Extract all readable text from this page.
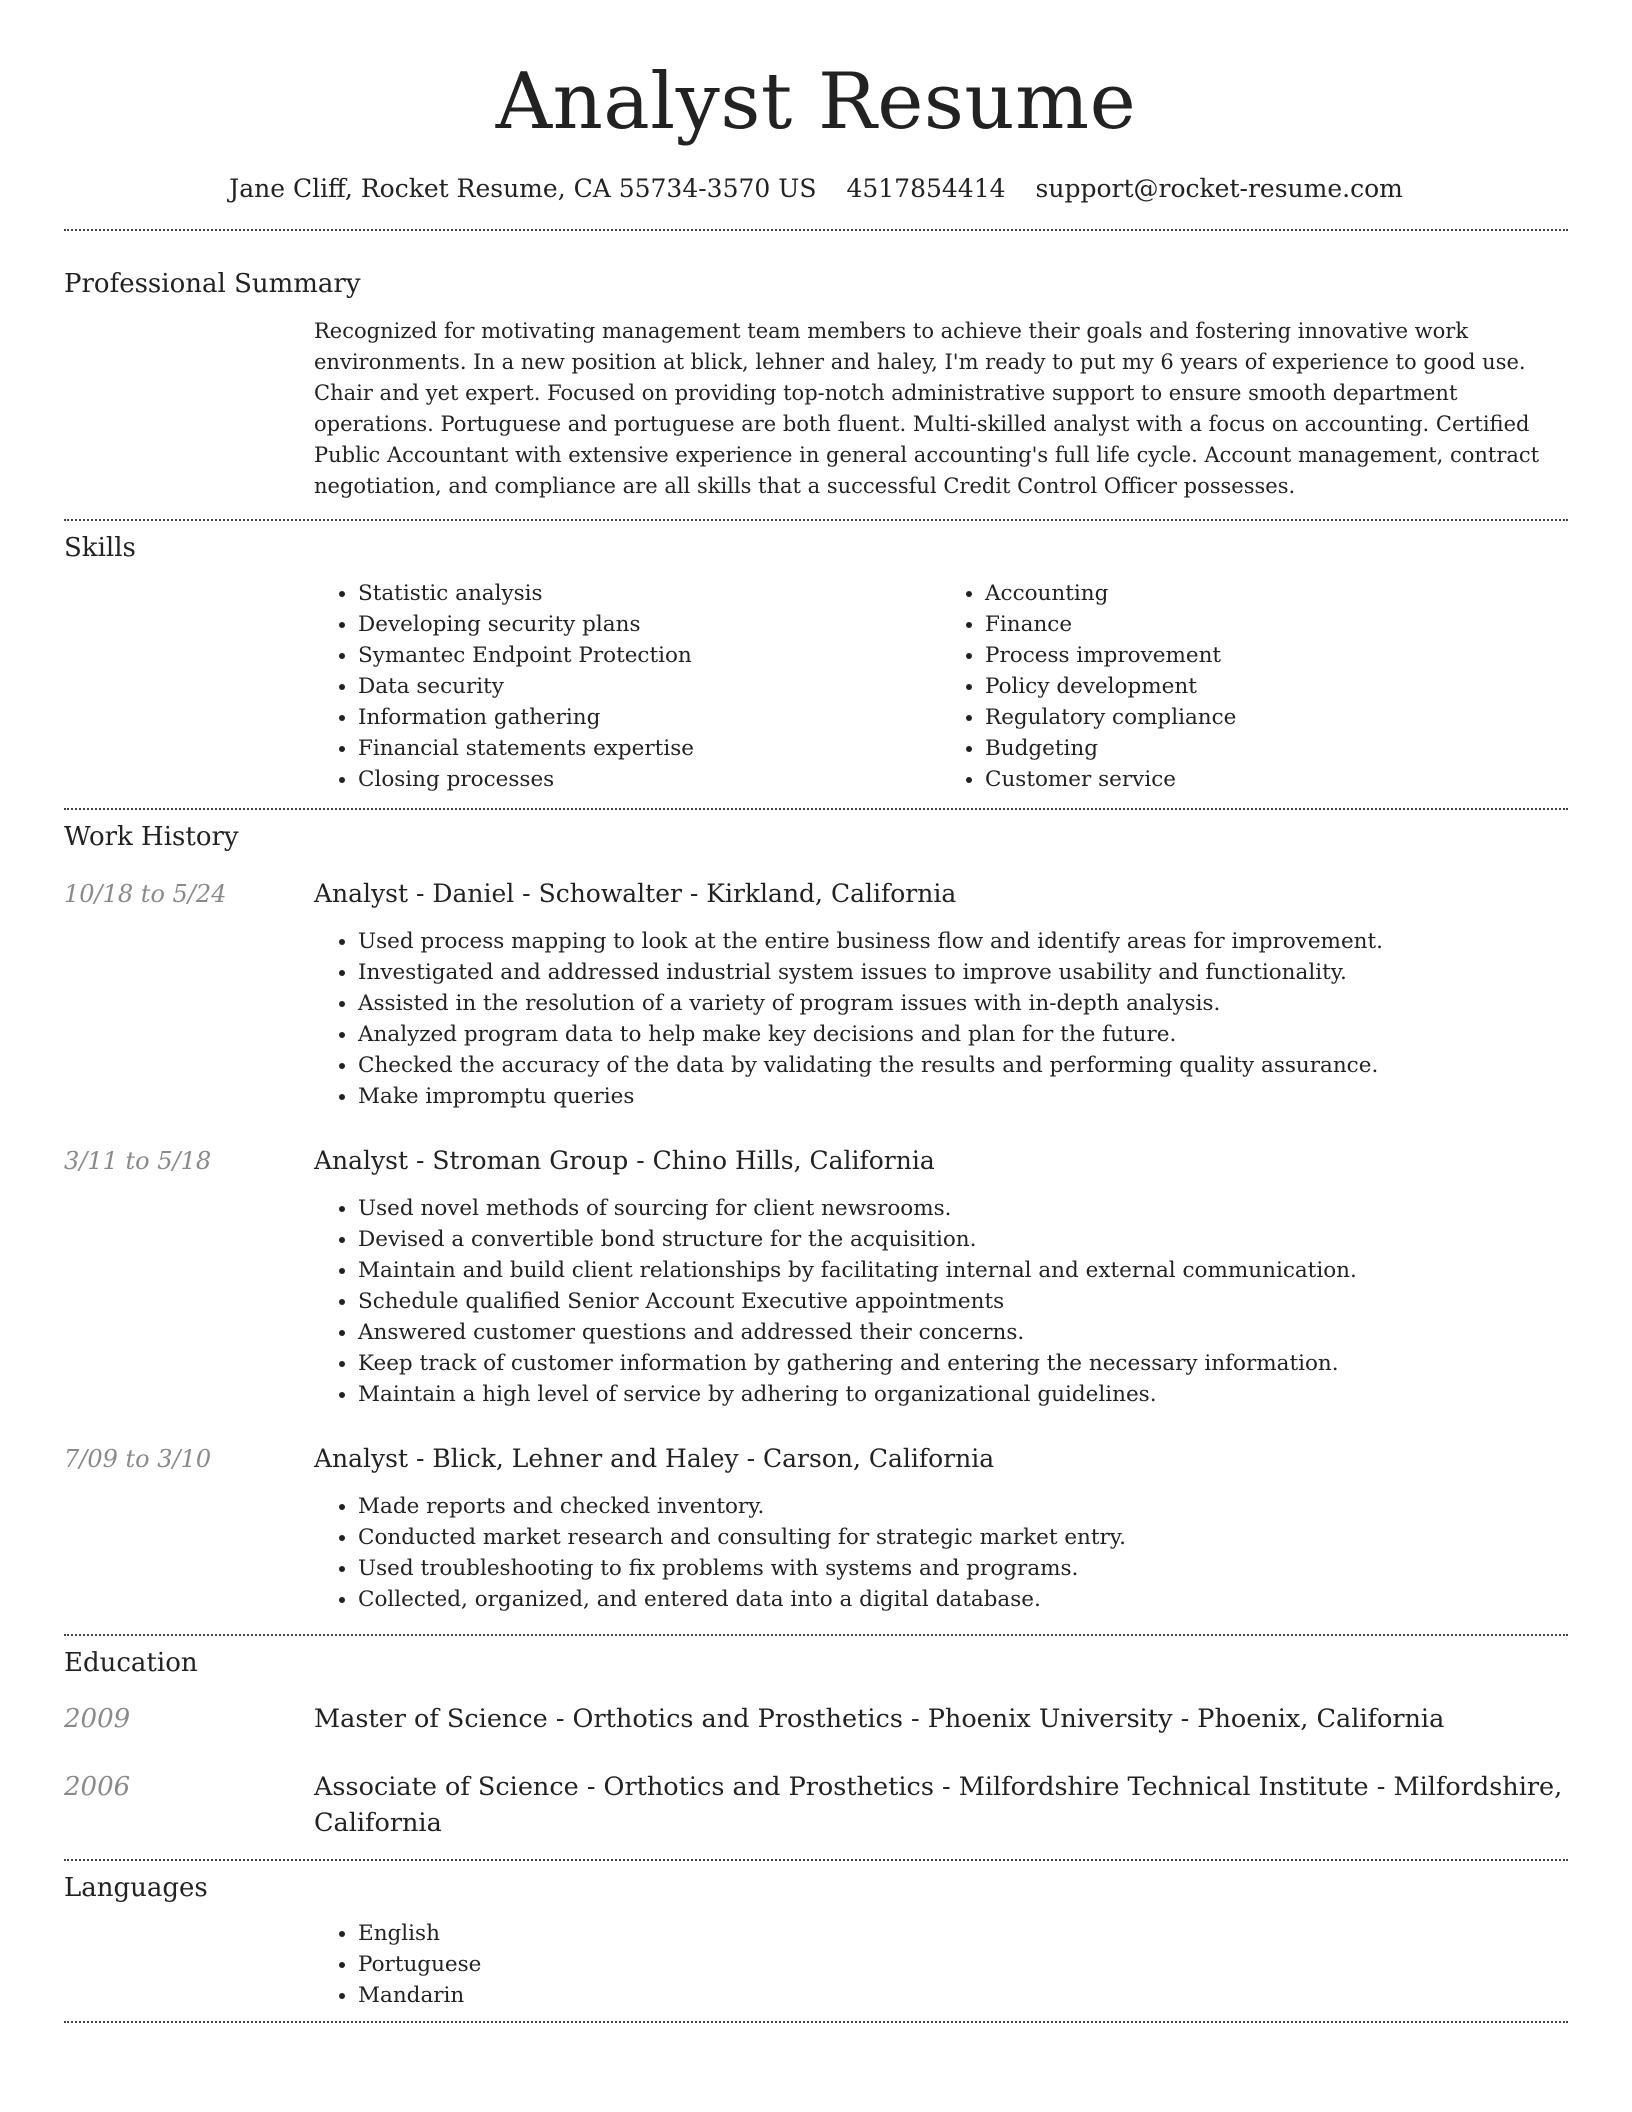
Analyst Resume
Jane Cliff, Rocket Resume, CA 55734-3570 US 4517854414 support@rocket-resume.com
Professional Summary
Recognized for motivating management team members to achieve their goals and fostering innovative work environments. In a new position at blick, lehner and haley, I'm ready to put my 6 years of experience to good use. Chair and yet expert. Focused on providing top-notch administrative support to ensure smooth department operations. Portuguese and portuguese are both fluent. Multi-skilled analyst with a focus on accounting. Certified Public Accountant with extensive experience in general accounting's full life cycle. Account management, contract negotiation, and compliance are all skills that a successful Credit Control Officer possesses.
Skills
• Statistic analysis
• Developing security plans
• Symantec Endpoint Protection
• Data security
• Information gathering
• Financial statements expertise
• Closing processes
• Accounting
• Finance
• Process improvement
• Policy development
• Regulatory compliance
• Budgeting
• Customer service
Work History
10/18 to 5/24	Analyst - Daniel - Schowalter - Kirkland, California
• Used process mapping to look at the entire business flow and identify areas for improvement.
• Investigated and addressed industrial system issues to improve usability and functionality.
• Assisted in the resolution of a variety of program issues with in-depth analysis.
• Analyzed program data to help make key decisions and plan for the future.
• Checked the accuracy of the data by validating the results and performing quality assurance.
• Make impromptu queries
3/11 to 5/18	Analyst - Stroman Group - Chino Hills, California
• Used novel methods of sourcing for client newsrooms.
• Devised a convertible bond structure for the acquisition.
• Maintain and build client relationships by facilitating internal and external communication.
• Schedule qualified Senior Account Executive appointments
• Answered customer questions and addressed their concerns.
• Keep track of customer information by gathering and entering the necessary information.
• Maintain a high level of service by adhering to organizational guidelines.
7/09 to 3/10	Analyst - Blick, Lehner and Haley - Carson, California
• Made reports and checked inventory.
• Conducted market research and consulting for strategic market entry.
• Used troubleshooting to fix problems with systems and programs.
• Collected, organized, and entered data into a digital database.
Education
2009	Master of Science - Orthotics and Prosthetics - Phoenix University - Phoenix, California
2006	Associate of Science - Orthotics and Prosthetics - Milfordshire Technical Institute - Milfordshire, California
Languages
• English
• Portuguese
• Mandarin
